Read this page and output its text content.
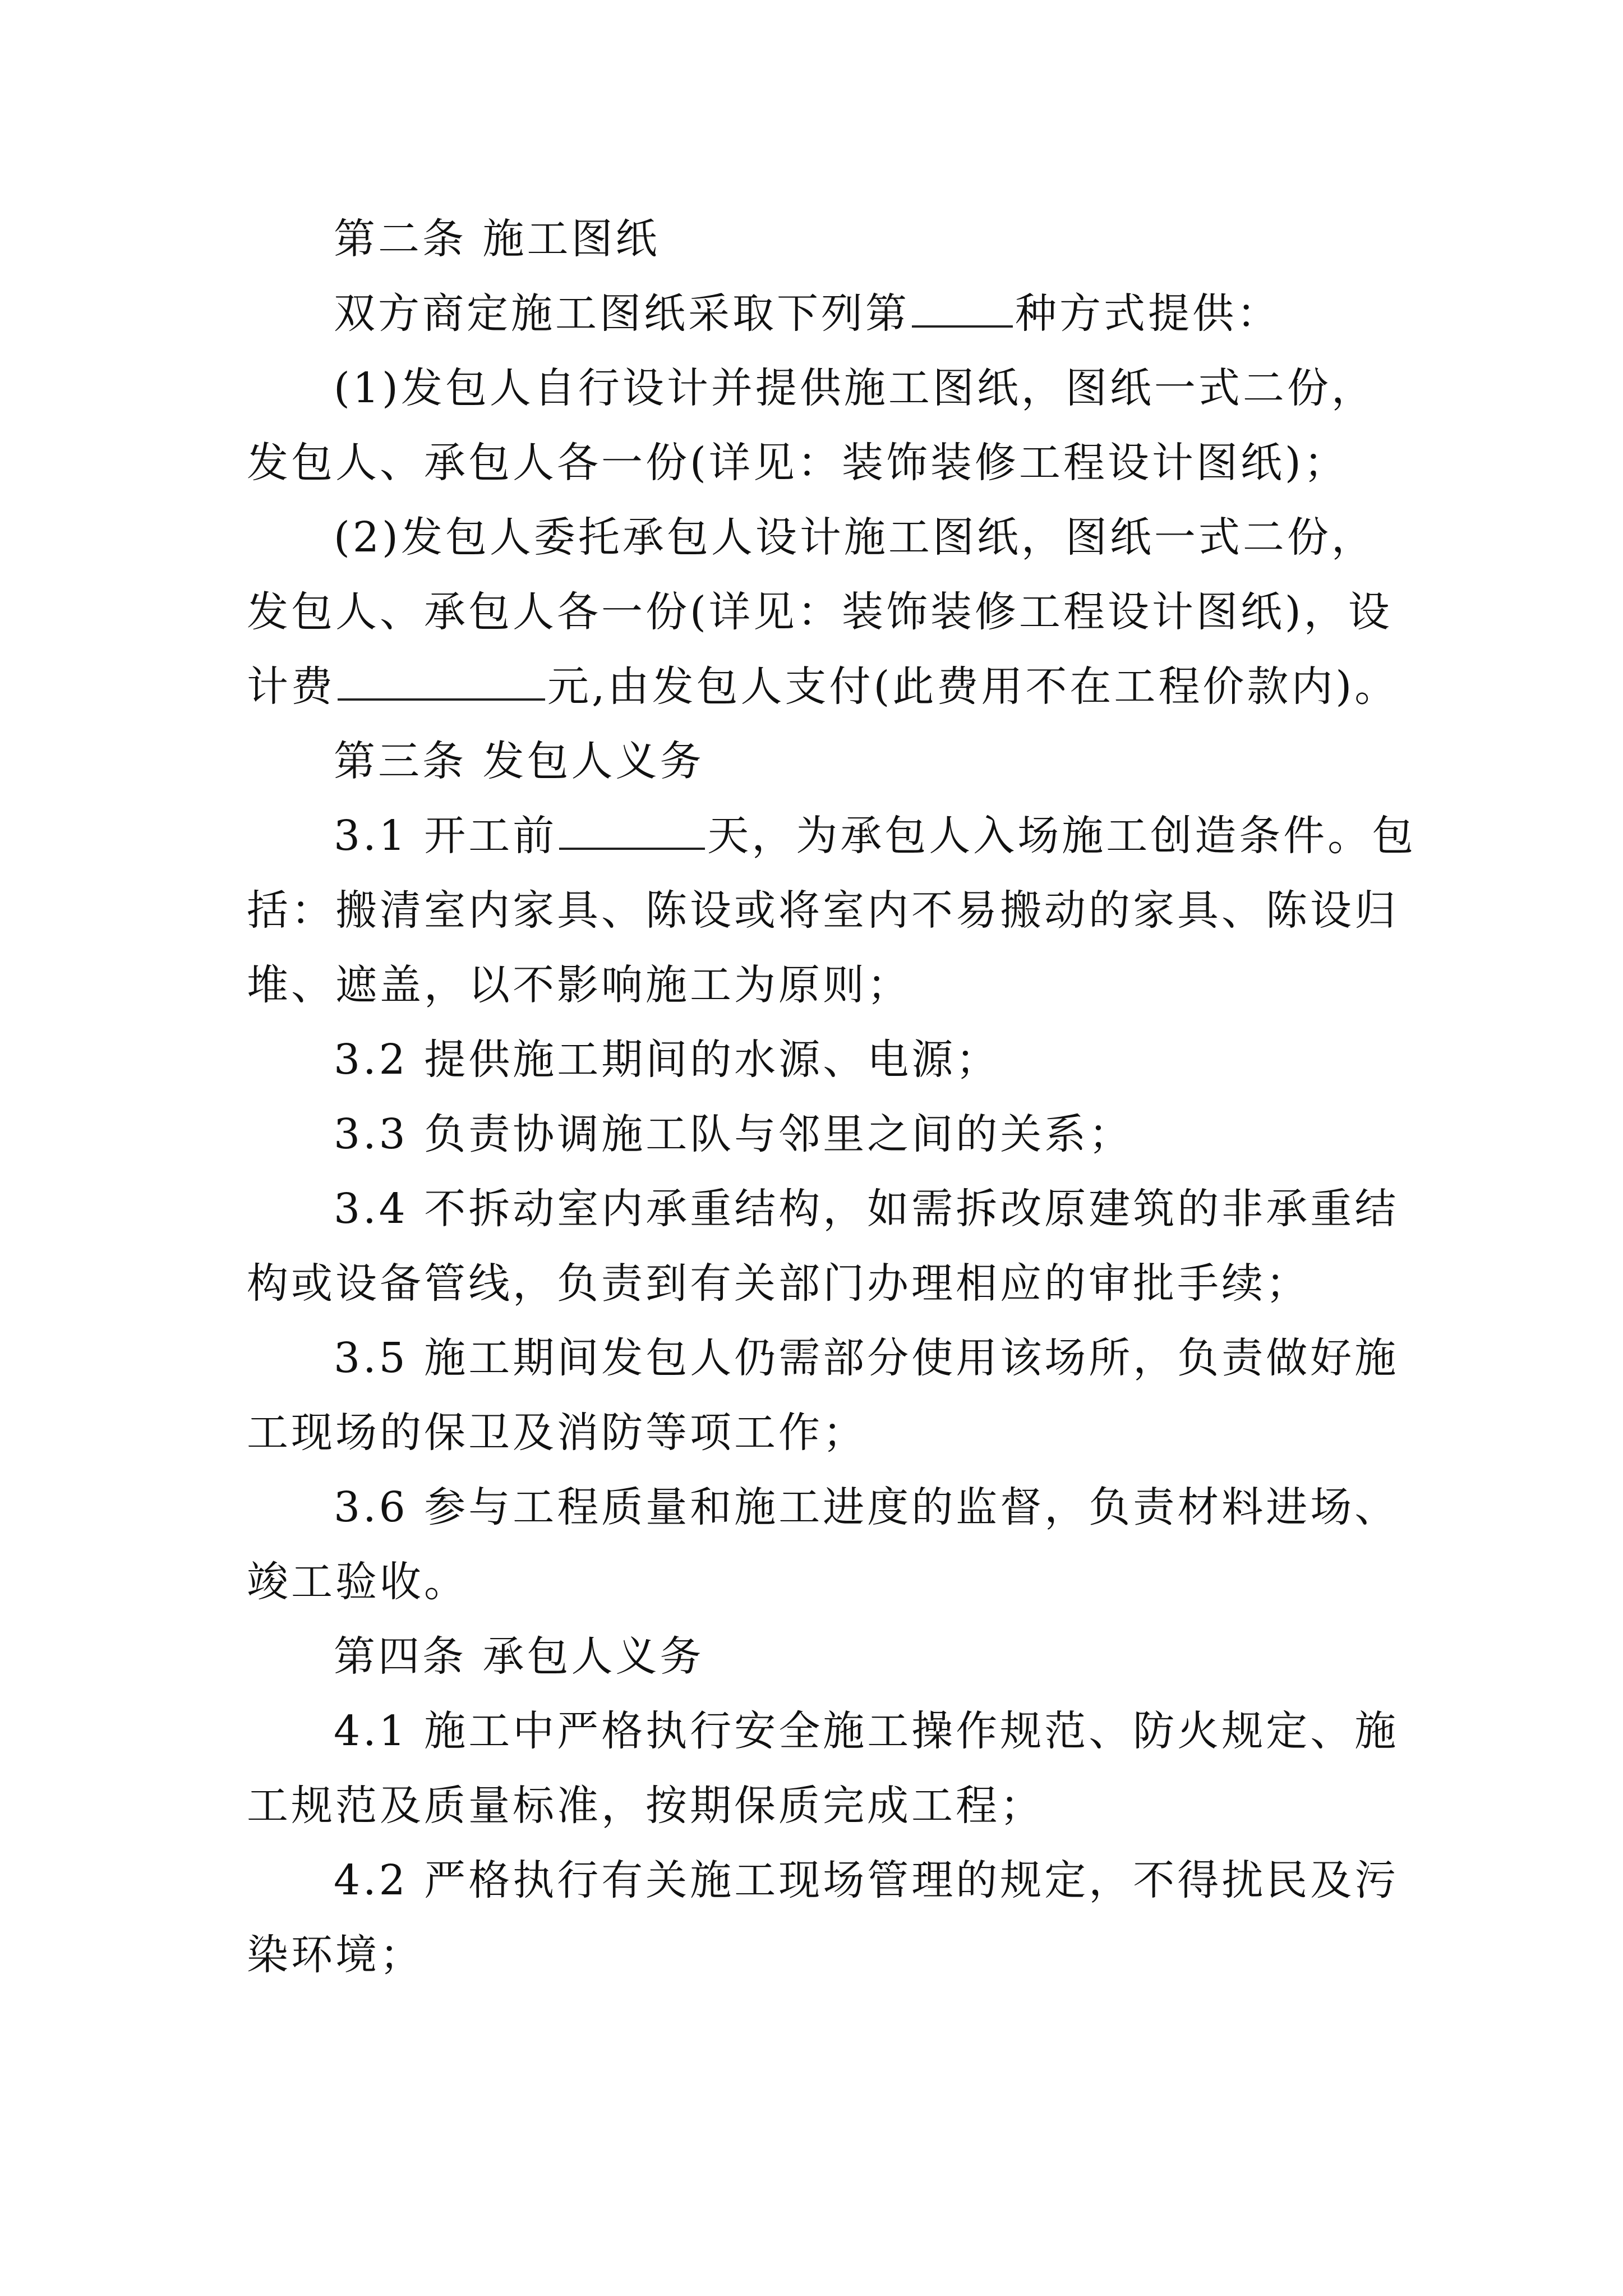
第二条 施工图纸
双方商定施工图纸采取下列第	种方式提供：
(1)发包人自行设计并提供施工图纸，图纸一式二份，
发包人、承包人各一份(详见：装饰装修工程设计图纸)；
(2)发包人委托承包人设计施工图纸，图纸一式二份，
发包人、承包人各一份(详见：装饰装修工程设计图纸)，设
计费	元,由发包人支付(此费用不在工程价款内)。
第三条 发包人义务
3.1 开工前	天，为承包人入场施工创造条件。包
括：搬清室内家具、陈设或将室内不易搬动的家具、陈设归
堆、遮盖，以不影响施工为原则；
3.2 提供施工期间的水源、电源；
3.3 负责协调施工队与邻里之间的关系；
3.4 不拆动室内承重结构，如需拆改原建筑的非承重结
构或设备管线，负责到有关部门办理相应的审批手续；
3.5 施工期间发包人仍需部分使用该场所，负责做好施
工现场的保卫及消防等项工作；
3.6 参与工程质量和施工进度的监督，负责材料进场、
竣工验收。
第四条 承包人义务
4.1 施工中严格执行安全施工操作规范、防火规定、施
工规范及质量标准，按期保质完成工程；
4.2 严格执行有关施工现场管理的规定，不得扰民及污
染环境；
